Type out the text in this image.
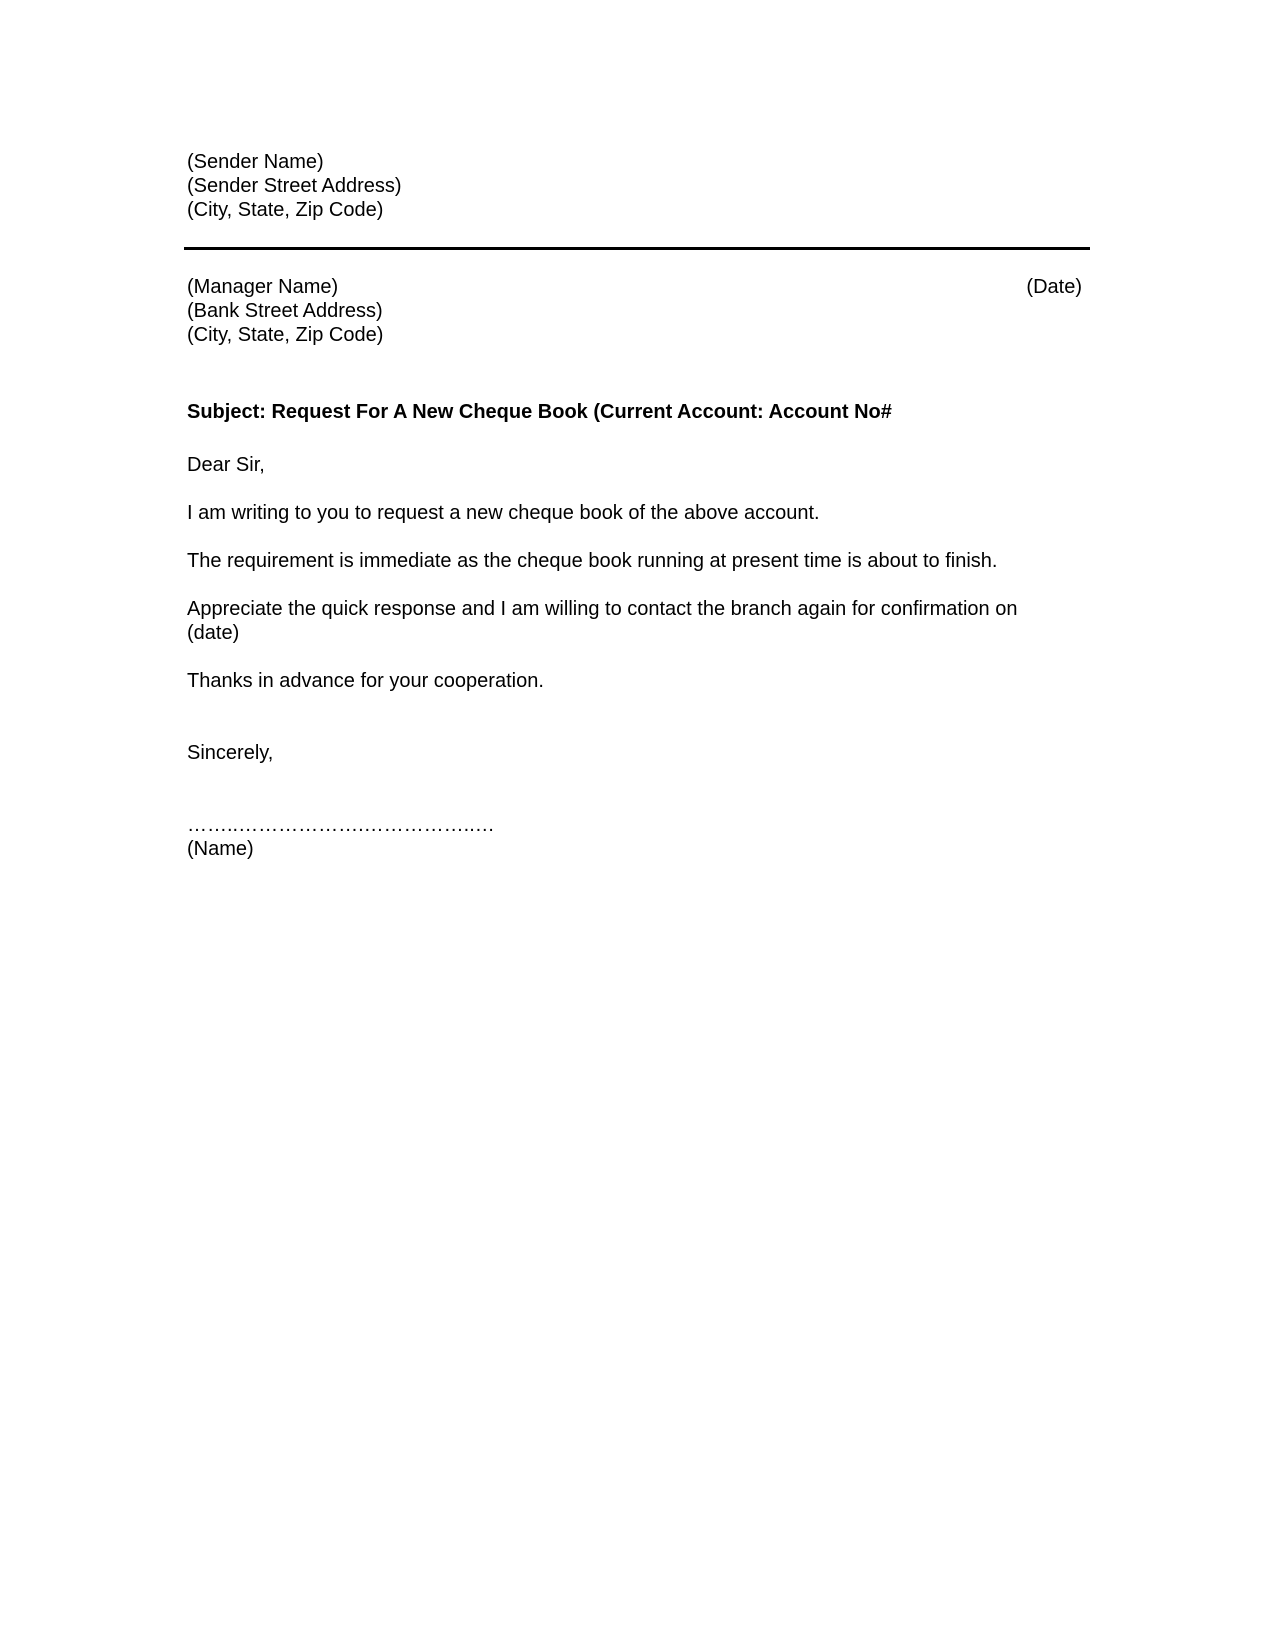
(Sender Name)
(Sender Street Address)
(City, State, Zip Code)
(Manager Name)
(Bank Street Address)
(City, State, Zip Code)
(Date)
Subject: Request For A New Cheque Book (Current Account: Account No#
Dear Sir,
I am writing to you to request a new cheque book of the above account.
The requirement is immediate as the cheque book running at present time is about to finish.
Appreciate the quick response and I am willing to contact the branch again for confirmation on
(date)
Thanks in advance for your cooperation.
Sincerely,
……..……………….……………..…
(Name)
